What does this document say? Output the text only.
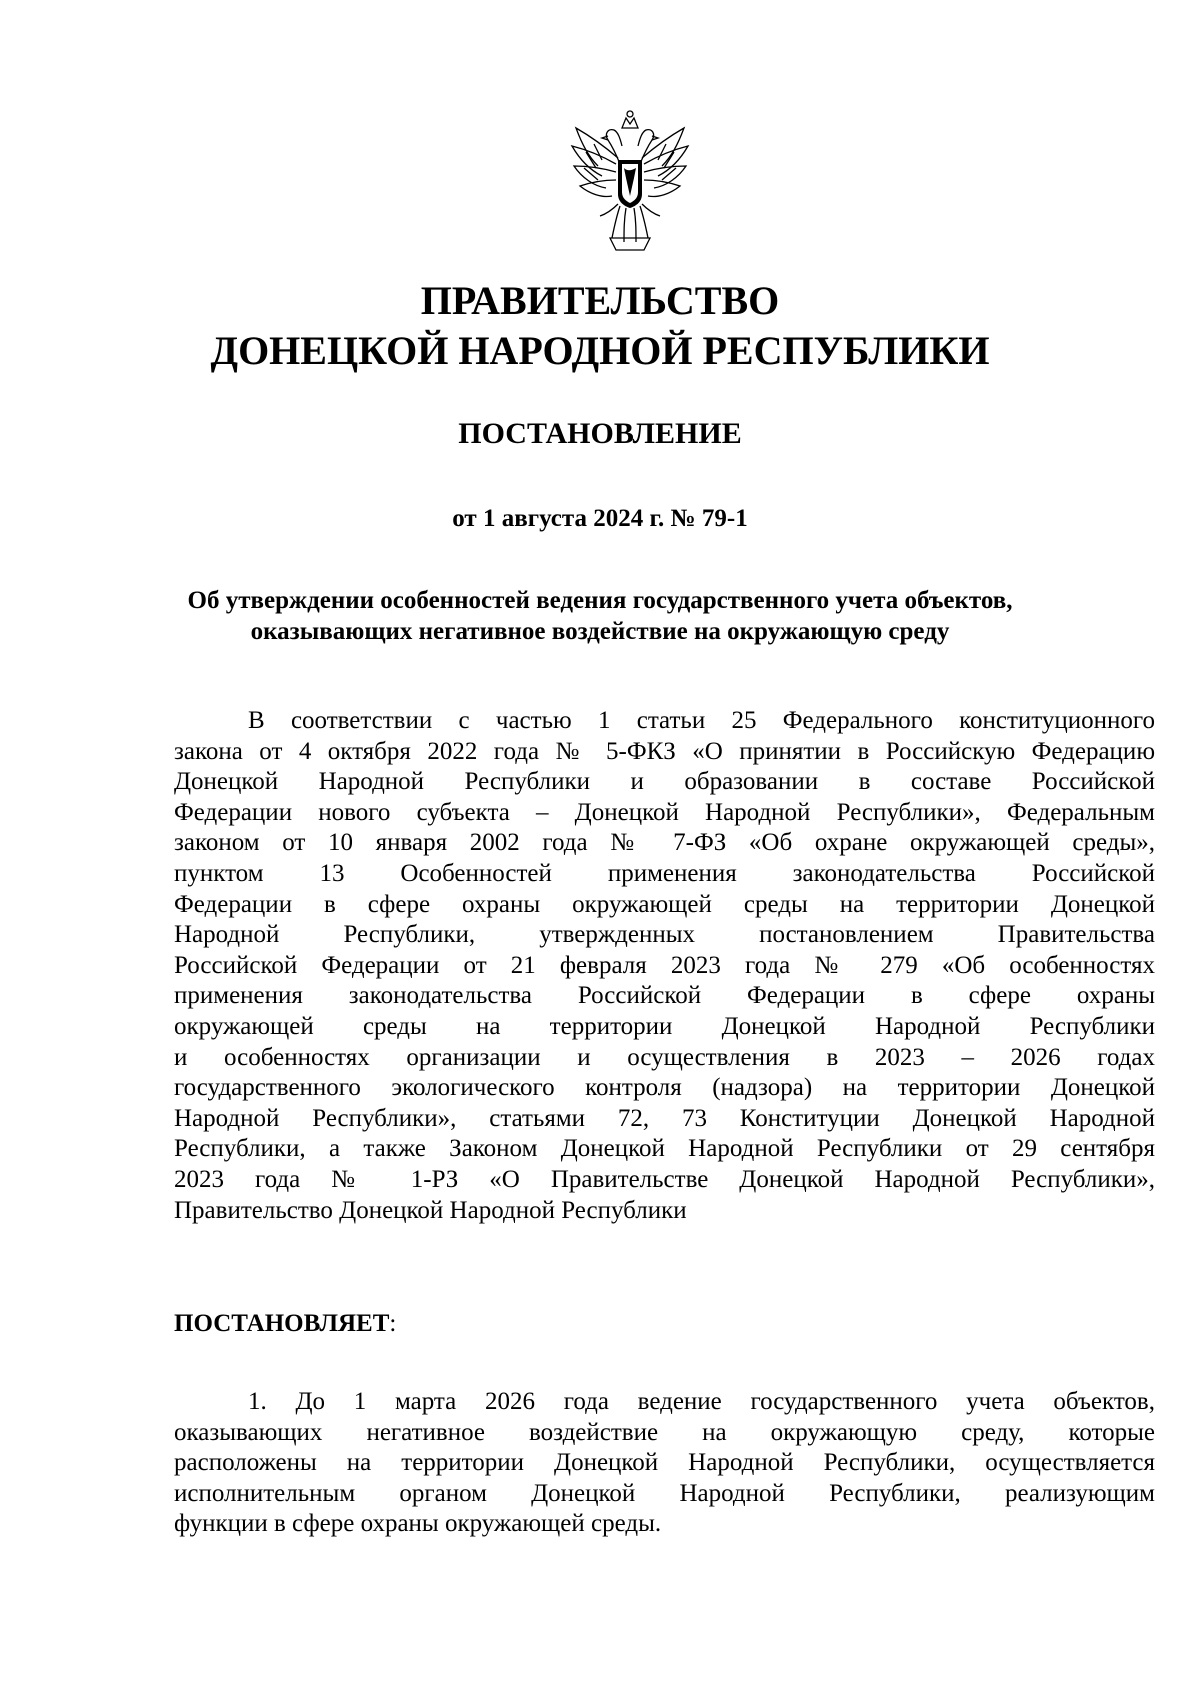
ПРАВИТЕЛЬСТВО
ДОНЕЦКОЙ НАРОДНОЙ РЕСПУБЛИКИ
ПОСТАНОВЛЕНИЕ
от 1 августа 2024 г. № 79-1
Об утверждении особенностей ведения государственного учета объектов,
оказывающих негативное воздействие на окружающую среду
В соответствии с частью 1 статьи 25 Федерального конституционного
закона от 4 октября 2022 года № 5-ФКЗ «О принятии в Российскую Федерацию
Донецкой Народной Республики и образовании в составе Российской
Федерации нового субъекта – Донецкой Народной Республики», Федеральным
законом от 10 января 2002 года № 7-ФЗ «Об охране окружающей среды»,
пунктом 13 Особенностей применения законодательства Российской
Федерации в сфере охраны окружающей среды на территории Донецкой
Народной Республики, утвержденных постановлением Правительства
Российской Федерации от 21 февраля 2023 года № 279 «Об особенностях
применения законодательства Российской Федерации в сфере охраны
окружающей среды на территории Донецкой Народной Республики
и особенностях организации и осуществления в 2023 – 2026 годах
государственного экологического контроля (надзора) на территории Донецкой
Народной Республики», статьями 72, 73 Конституции Донецкой Народной
Республики, а также Законом Донецкой Народной Республики от 29 сентября
2023 года № 1-РЗ «О Правительстве Донецкой Народной Республики»,
Правительство Донецкой Народной Республики
ПОСТАНОВЛЯЕТ:
1. До 1 марта 2026 года ведение государственного учета объектов,
оказывающих негативное воздействие на окружающую среду, которые
расположены на территории Донецкой Народной Республики, осуществляется
исполнительным органом Донецкой Народной Республики, реализующим
функции в сфере охраны окружающей среды.
